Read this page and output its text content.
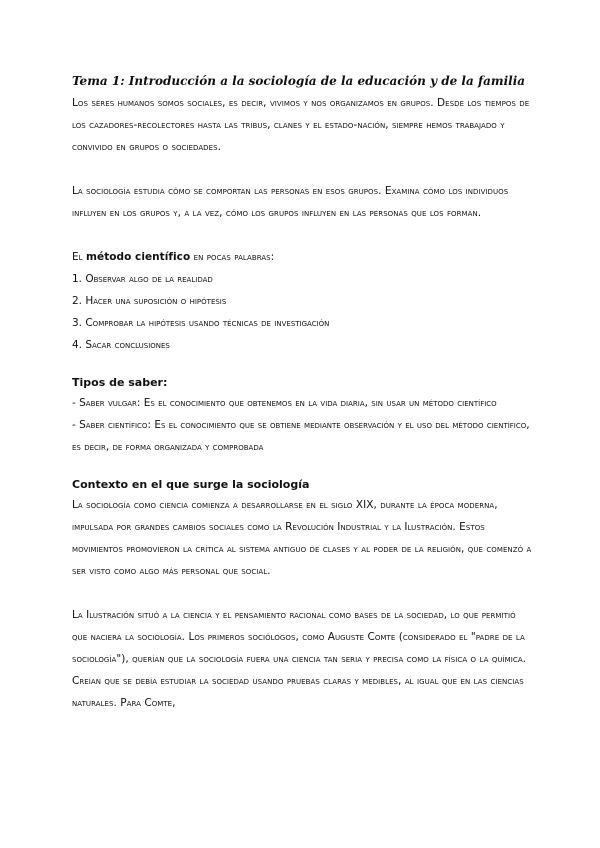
Tema 1: Introducción a la sociología de la educación y de la familia

Los seres humanos somos sociales, es decir, vivimos y nos organizamos en grupos. Desde los tiempos de los cazadores-recolectores hasta las tribus, clanes y el estado-nación, siempre hemos trabajado y convivido en grupos o sociedades.

La sociología estudia cómo se comportan las personas en esos grupos. Examina cómo los individuos influyen en los grupos y, a la vez, cómo los grupos influyen en las personas que los forman.

El método científico en pocas palabras:

1. Observar algo de la realidad
2. Hacer una suposición o hipótesis
3. Comprobar la hipótesis usando técnicas de investigación
4. Sacar conclusiones
Tipos de saber:
- Saber vulgar: Es el conocimiento que obtenemos en la vida diaria, sin usar un método científico
- Saber científico: Es el conocimiento que se obtiene mediante observación y el uso del método científico, es decir, de forma organizada y comprobada
Contexto en el que surge la sociología

La sociología como ciencia comienza a desarrollarse en el siglo XIX, durante la época moderna, impulsada por grandes cambios sociales como la Revolución Industrial y la Ilustración. Estos movimientos promovieron la crítica al sistema antiguo de clases y al poder de la religión, que comenzó a ser visto como algo más personal que social.

La Ilustración situó a la ciencia y el pensamiento racional como bases de la sociedad, lo que permitió que naciera la sociología. Los primeros sociólogos, como Auguste Comte (considerado el "padre de la sociología"), querían que la sociología fuera una ciencia tan seria y precisa como la física o la química. Creían que se debía estudiar la sociedad usando pruebas claras y medibles, al igual que en las ciencias naturales. Para Comte,
